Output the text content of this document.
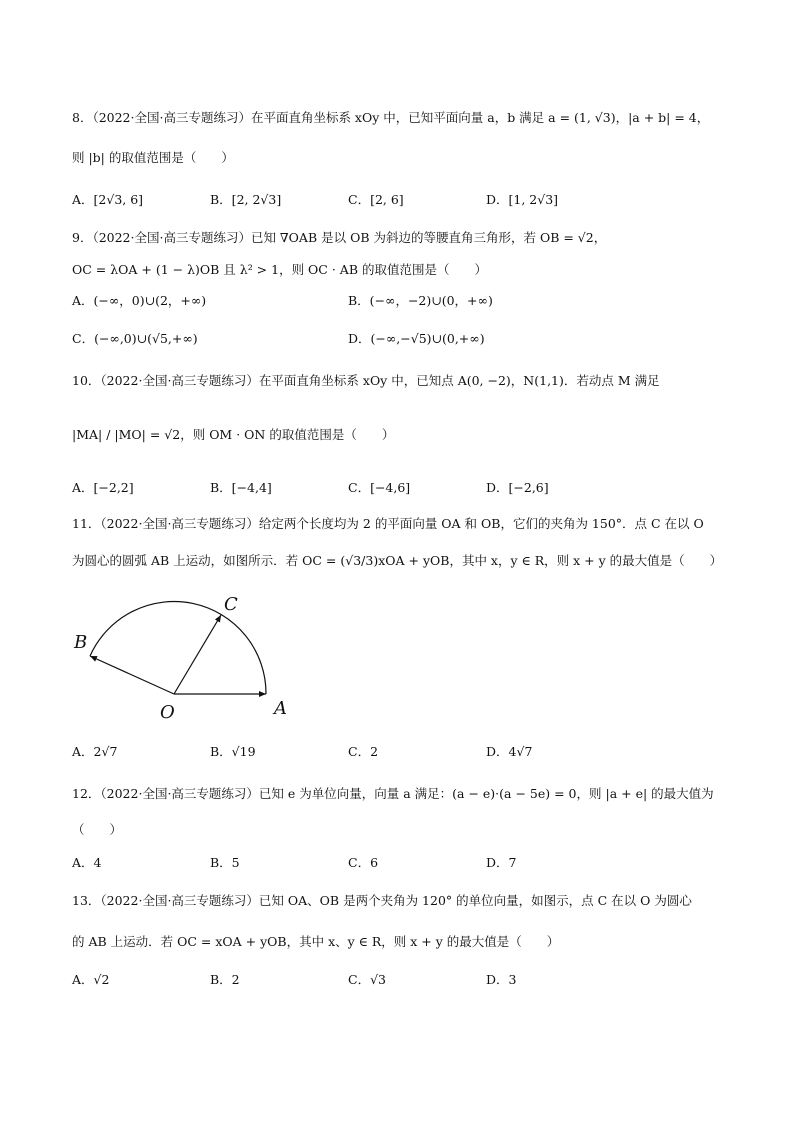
8．（2022·全国·高三专题练习）在平面直角坐标系 xOy 中，已知平面向量 a，b 满足 a = (1, √3)，|a + b| = 4，
则 |b| 的取值范围是（　　）
A．[2√3, 6]	B．[2, 2√3]	C．[2, 6]	D．[1, 2√3]
9．（2022·全国·高三专题练习）已知 ∇OAB 是以 OB 为斜边的等腰直角三角形，若 OB = √2，
OC = λOA + (1 − λ)OB 且 λ² > 1，则 OC · AB 的取值范围是（　　）
A．(−∞，0)∪(2，+∞)	B．(−∞，−2)∪(0，+∞)
C．(−∞,0)∪(√5,+∞)	D．(−∞,−√5)∪(0,+∞)
10．（2022·全国·高三专题练习）在平面直角坐标系 xOy 中，已知点 A(0, −2)，N(1,1)．若动点 M 满足
|MA| / |MO| = √2，则 OM · ON 的取值范围是（　　）
A．[−2,2]	B．[−4,4]	C．[−4,6]	D．[−2,6]
11．（2022·全国·高三专题练习）给定两个长度均为 2 的平面向量 OA 和 OB，它们的夹角为 150°．点 C 在以 O
为圆心的圆弧 AB 上运动，如图所示．若 OC = (√3/3)xOA + yOB，其中 x，y ∈ R，则 x + y 的最大值是（　　）
B
C
O	A
A．2√7	B．√19	C．2	D．4√7
12．（2022·全国·高三专题练习）已知 e 为单位向量，向量 a 满足：(a − e)·(a − 5e) = 0，则 |a + e| 的最大值为
（　　）
A．4	B．5	C．6	D．7
13．（2022·全国·高三专题练习）已知 OA、OB 是两个夹角为 120° 的单位向量，如图示，点 C 在以 O 为圆心
的 AB 上运动．若 OC = xOA + yOB，其中 x、y ∈ R，则 x + y 的最大值是（　　）
A．√2	B．2	C．√3	D．3
